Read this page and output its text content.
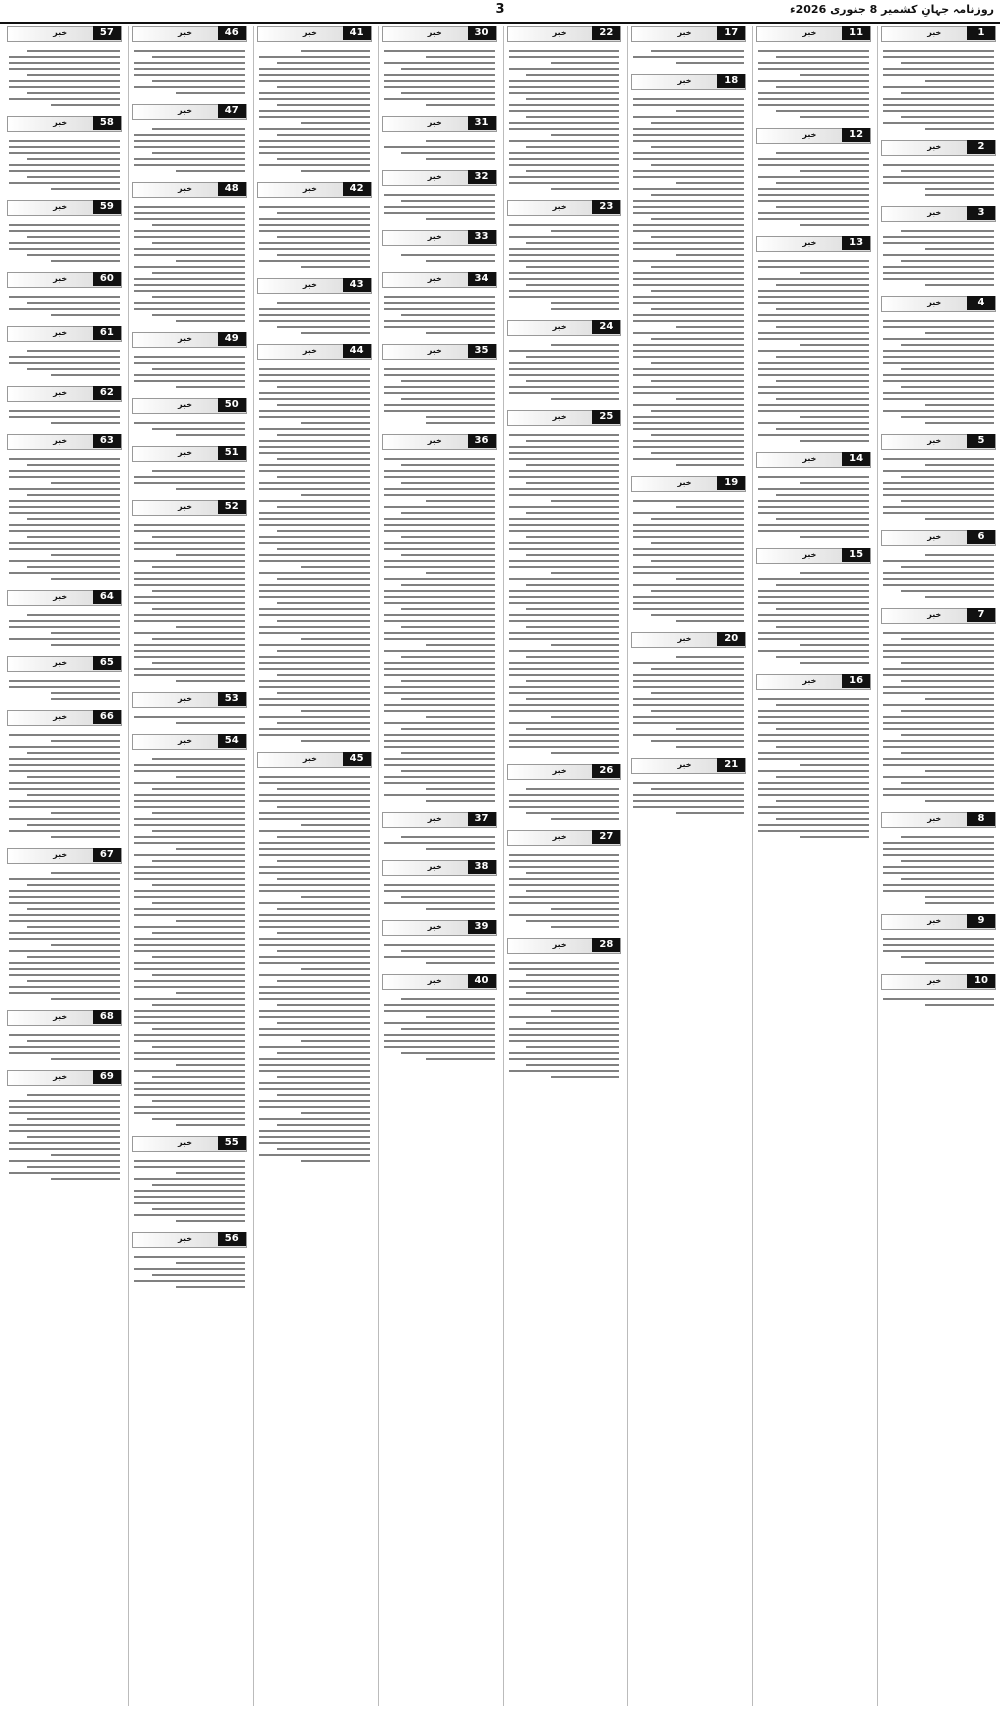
3	روزنامہ جہانِ کشمیر 8 جنوری 2026ء
1
خبر
2
خبر
3
خبر
4
خبر
5
خبر
6
خبر
7
خبر
8
خبر
9
خبر
10
خبر
11
خبر
12
خبر
13
خبر
14
خبر
15
خبر
16
خبر
17
خبر
18
خبر
19
خبر
20
خبر
21
خبر
22
خبر
23
خبر
24
خبر
25
خبر
26
خبر
27
خبر
28
خبر
30
خبر
31
خبر
32
خبر
33
خبر
34
خبر
35
خبر
36
خبر
37
خبر
38
خبر
39
خبر
40
خبر
41
خبر
42
خبر
43
خبر
44
خبر
45
خبر
46
خبر
47
خبر
48
خبر
49
خبر
50
خبر
51
خبر
52
خبر
53
خبر
54
خبر
55
خبر
56
خبر
57
خبر
58
خبر
59
خبر
60
خبر
61
خبر
62
خبر
63
خبر
64
خبر
65
خبر
66
خبر
67
خبر
68
خبر
69
خبر
